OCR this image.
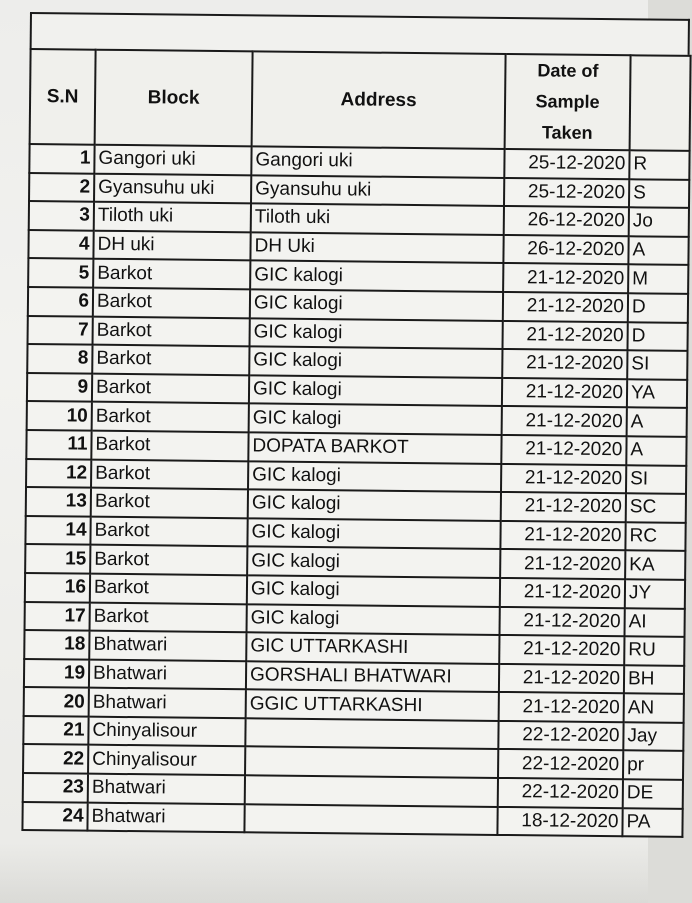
S.N	Block	Address	Date of
Sample
Taken	

1	Gangori uki	Gangori uki	25-12-2020	R
2	Gyansuhu uki	Gyansuhu uki	25-12-2020	S
3	Tiloth uki	Tiloth uki	26-12-2020	Jo
4	DH uki	DH Uki	26-12-2020	A
5	Barkot	GIC kalogi	21-12-2020	M
6	Barkot	GIC kalogi	21-12-2020	D
7	Barkot	GIC kalogi	21-12-2020	D
8	Barkot	GIC kalogi	21-12-2020	SI
9	Barkot	GIC kalogi	21-12-2020	YA
10	Barkot	GIC kalogi	21-12-2020	A
11	Barkot	DOPATA BARKOT	21-12-2020	A
12	Barkot	GIC kalogi	21-12-2020	SI
13	Barkot	GIC kalogi	21-12-2020	SC
14	Barkot	GIC kalogi	21-12-2020	RC
15	Barkot	GIC kalogi	21-12-2020	KA
16	Barkot	GIC kalogi	21-12-2020	JY
17	Barkot	GIC kalogi	21-12-2020	AI
18	Bhatwari	GIC UTTARKASHI	21-12-2020	RU
19	Bhatwari	GORSHALI BHATWARI	21-12-2020	BH
20	Bhatwari	GGIC UTTARKASHI	21-12-2020	AN
21	Chinyalisour		22-12-2020	Jay
22	Chinyalisour		22-12-2020	pr
23	Bhatwari		22-12-2020	DE
24	Bhatwari		18-12-2020	PA
